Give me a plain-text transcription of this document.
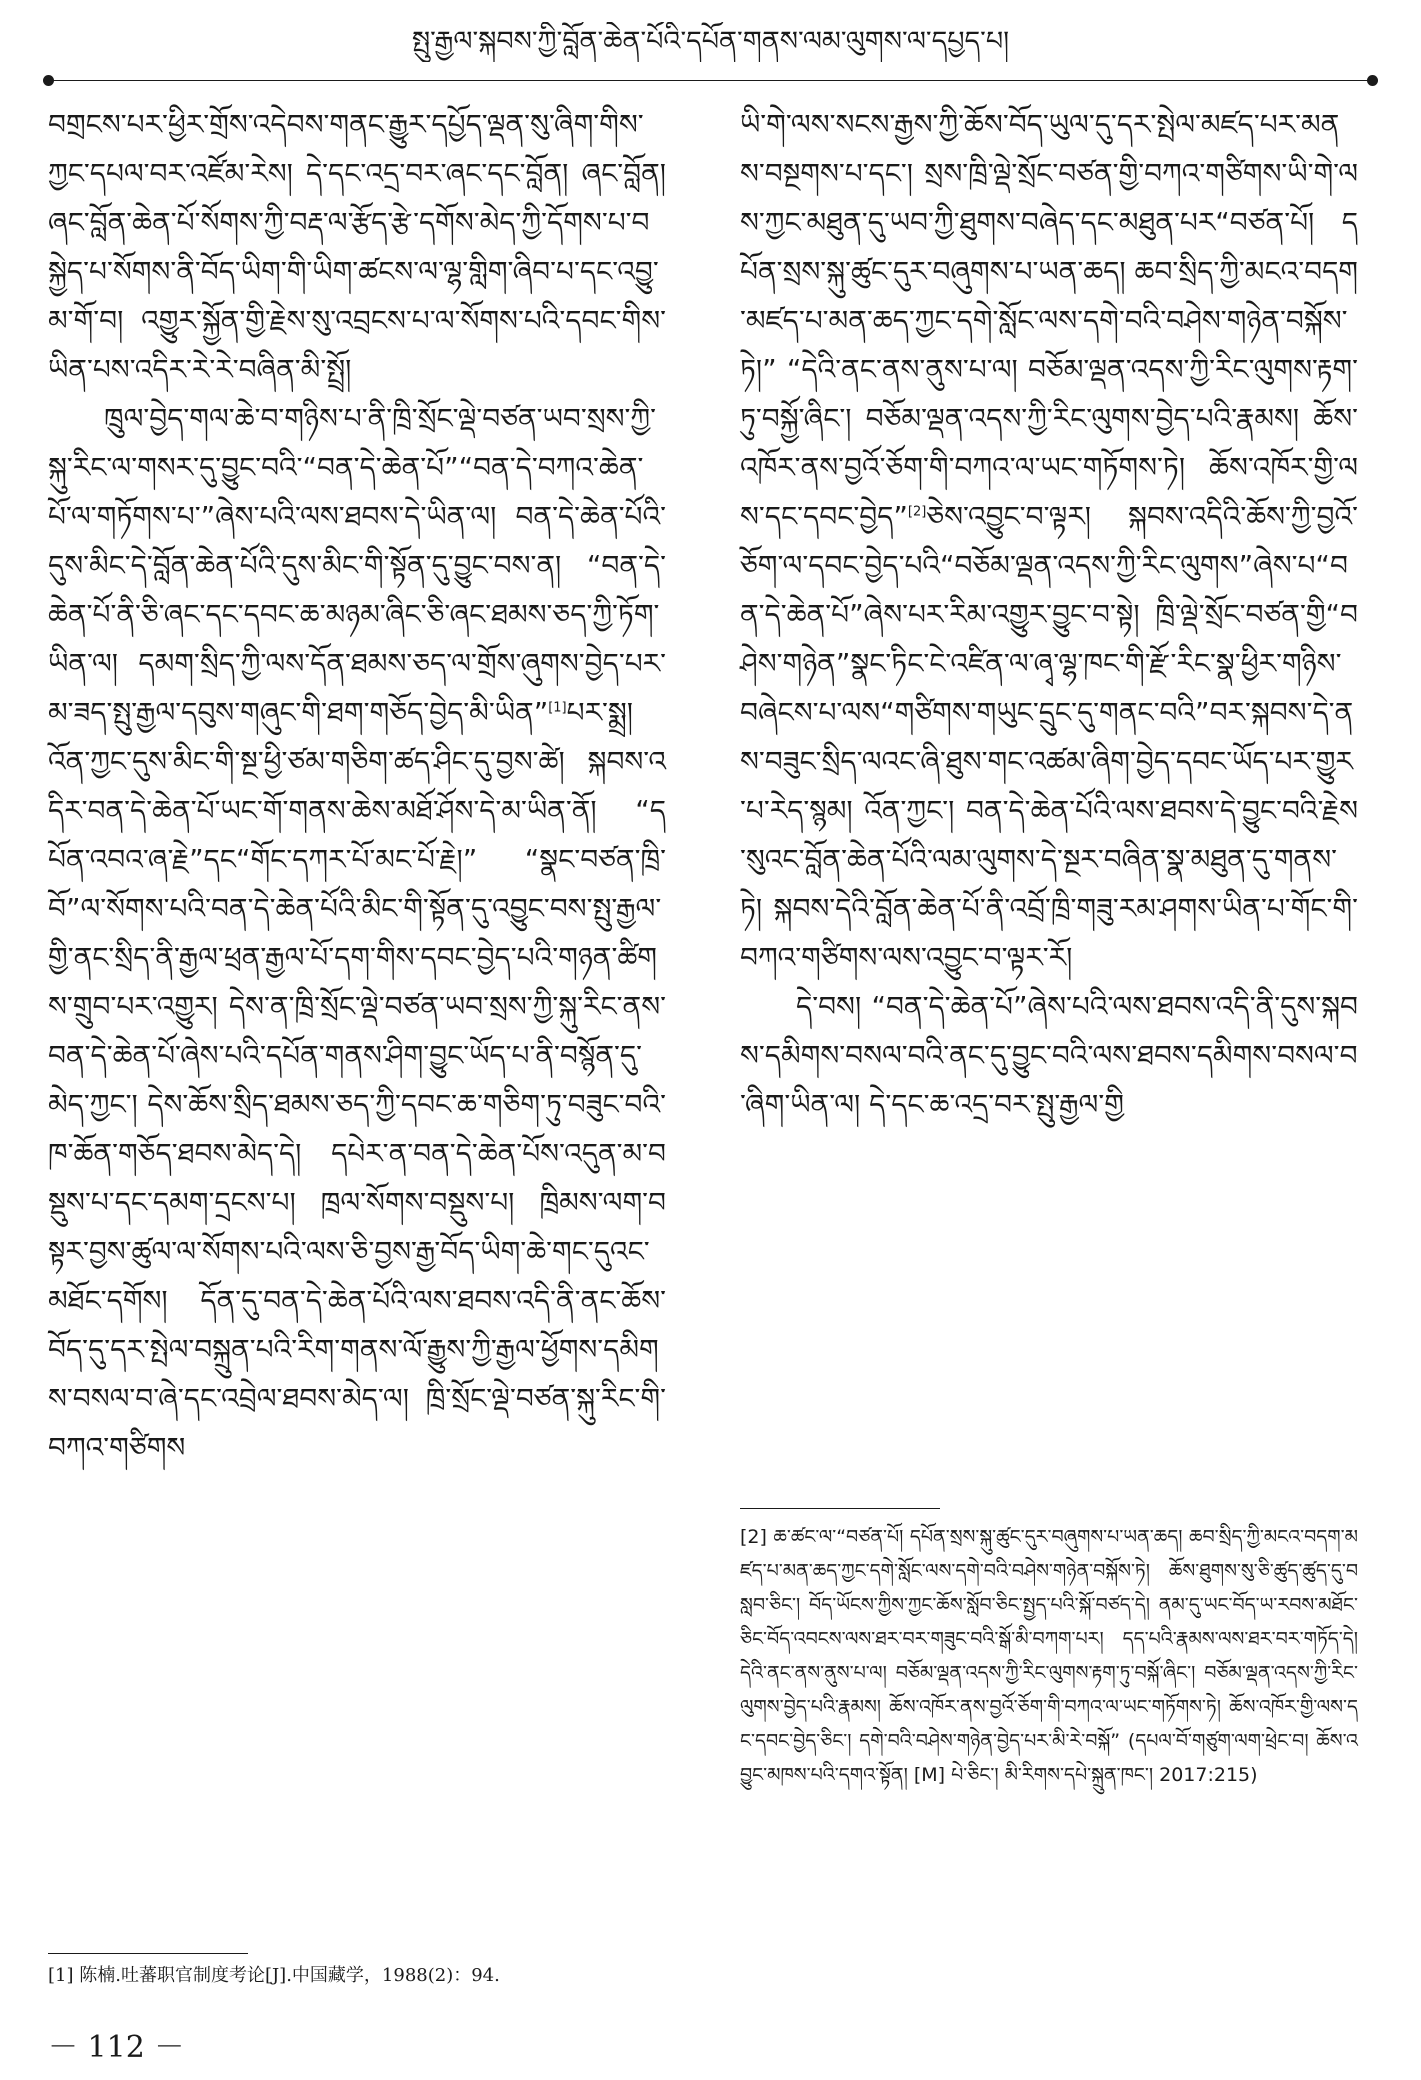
སྤུ་རྒྱལ་སྐབས་ཀྱི་བློན་ཆེན་པོའི་དཔོན་གནས་ལམ་ལུགས་ལ་དཔྱད་པ།

བགྲངས་པར་ཕྱིར་གྲོས་འདེབས་གནང་རྒྱུར་དཔྱོད་ལྡན་སུ་ཞིག་གིས་ཀྱང་དཔལ་བར་འཛོམ་རེས། དེ་དང་འདྲ་བར་ཞང་དང་བློན། ཞང་བློན། ཞང་བློན་ཆེན་པོ་སོགས་ཀྱི་བརྡ་ལ་རྩོད་རྩེ་དགོས་མེད་ཀྱི་དོགས་པ་བསྐྱེད་པ་སོགས་ནི་བོད་ཡིག་གི་ཡིག་ཚངས་ལ་ལྷ་གླིག་ཞིབ་པ་དང་འབྱུ་མ་གོ་བ། འགྱུར་སྐྱོན་གྱི་རྗེས་སུ་འབྲངས་པ་ལ་སོགས་པའི་དབང་གིས་ཡིན་པས་འདིར་རེ་རེ་བཞིན་མི་སྤྲོ།

ཁྲུལ་བྱེད་གལ་ཆེ་བ་གཉིས་པ་ནི་ཁྲི་སྲོང་ལྡེ་བཙན་ཡབ་སྲས་ཀྱི་སྐུ་རིང་ལ་གསར་དུ་བྱུང་བའི་“བན་དེ་ཆེན་པོ”“བན་དེ་བཀའ་ཆེན་པོ་ལ་གཏོགས་པ་”ཞེས་པའི་ལས་ཐབས་དེ་ཡིན་ལ། བན་དེ་ཆེན་པོའི་དུས་མིང་དེ་བློན་ཆེན་པོའི་དུས་མིང་གི་སྟོན་དུ་བྱུང་བས་ན། “བན་དེ་ཆེན་པོ་ནི་ཅི་ཞང་དང་དབང་ཆ་མཉམ་ཞིང་ཅི་ཞང་ཐམས་ཅད་ཀྱི་ཏོག་ཡིན་ལ། དམག་སྲིད་ཀྱི་ལས་དོན་ཐམས་ཅད་ལ་གྲོས་ཞུགས་བྱེད་པར་མ་ཟད་སྤུ་རྒྱལ་དབུས་གཞུང་གི་ཐག་གཅོད་བྱེད་མི་ཡིན”[1]པར་སྨྲ། འོན་ཀྱང་དུས་མིང་གི་སྔ་ཕྱི་ཙམ་གཅིག་ཚད་ཤིང་དུ་བྱས་ཚེ། སྐབས་འདིར་བན་དེ་ཆེན་པོ་ཡང་གོ་གནས་ཆེས་མཐོ་ཤོས་དེ་མ་ཡིན་ནོ། “དཔོན་འབའ་ཞ་རྗེ”དང“གོང་དཀར་པོ་མང་པོ་རྗེ།” “སྣང་བཙན་ཁྲི་བོ”ལ་སོགས་པའི་བན་དེ་ཆེན་པོའི་མིང་གི་སྟོན་དུ་འབྱུང་བས་སྤུ་རྒྱལ་གྱི་ནང་སྲིད་ནི་རྒྱལ་ཕྲན་རྒྱལ་པོ་དག་གིས་དབང་བྱེད་པའི་གཉན་ཚིགས་གྲུབ་པར་འགྱུར། དེས་ན་ཁྲི་སྲོང་ལྡེ་བཙན་ཡབ་སྲས་ཀྱི་སྐུ་རིང་ནས་བན་དེ་ཆེན་པོ་ཞེས་པའི་དཔོན་གནས་ཤིག་བྱུང་ཡོད་པ་ནི་བསྙོན་དུ་མེད་ཀྱང་། དེས་ཆོས་སྲིད་ཐམས་ཅད་ཀྱི་དབང་ཆ་གཅིག་ཏུ་བཟུང་བའི་ཁ་ཆོན་གཅོད་ཐབས་མེད་དེ། དཔེར་ན་བན་དེ་ཆེན་པོས་འདུན་མ་བསྡུས་པ་དང་དམག་དྲངས་པ། ཁྲལ་སོགས་བསྡུས་པ། ཁྲིམས་ལག་བསྟར་བྱས་ཚུལ་ལ་སོགས་པའི་ལས་ཅི་བྱས་རྒྱ་བོད་ཡིག་ཆེ་གང་དུའང་མཐོང་དགོས། དོན་དུ་བན་དེ་ཆེན་པོའི་ལས་ཐབས་འདི་ནི་ནང་ཆོས་བོད་དུ་དར་སྤེལ་བསྐྲུན་པའི་རིག་གནས་ལོ་རྒྱུས་ཀྱི་རྒྱལ་ཕྱོགས་དམིགས་བསལ་བ་ཞེ་དང་འབྲེལ་ཐབས་མེད་ལ། ཁྲི་སྲོང་ལྡེ་བཙན་སྐུ་རིང་གི་བཀའ་གཙིགས

ཡི་གེ་ལས་སངས་རྒྱས་ཀྱི་ཆོས་བོད་ཡུལ་དུ་དར་སྤེལ་མཛད་པར་མནས་བསྔགས་པ་དང་། སྲས་ཁྲི་ལྡེ་སྲོང་བཙན་གྱི་བཀའ་གཙིགས་ཡི་གེ་ལས་ཀྱང་མཐུན་དུ་ཡབ་ཀྱི་ཐུགས་བཞེད་དང་མཐུན་པར“བཙན་པོ། དཔོན་སྲས་སྐུ་ཚུང་དུར་བཞུགས་པ་ཡན་ཆད། ཆབ་སྲིད་ཀྱི་མངའ་བདག་མཛད་པ་མན་ཆད་ཀྱང་དགེ་སློང་ལས་དགེ་བའི་བཤེས་གཉེན་བསྐོས་ཏེ།” “དེའི་ནང་ནས་ནུས་པ་ལ། བཅོམ་ལྡན་འདས་ཀྱི་རིང་ལུགས་རྟག་ཏུ་བསྐྱོ་ཞིང་། བཅོམ་ལྡན་འདས་ཀྱི་རིང་ལུགས་བྱེད་པའི་རྣམས། ཆོས་འཁོར་ནས་བྱའོ་ཅོག་གི་བཀའ་ལ་ཡང་གཏོགས་ཏེ། ཆོས་འཁོར་གྱི་ལས་དང་དབང་བྱེད”[2]ཅེས་འབྱུང་བ་ལྟར། སྐབས་འདིའི་ཆོས་ཀྱི་བྱའོ་ཅོག་ལ་དབང་བྱེད་པའི“བཅོམ་ལྡན་འདས་ཀྱི་རིང་ལུགས”ཞེས་པ“བན་དེ་ཆེན་པོ”ཞེས་པར་རིམ་འགྱུར་བྱུང་བ་སྟེ། ཁྲི་ལྡེ་སྲོང་བཙན་གྱི“བཤེས་གཉེན”སྣང་ཏིང་ངེ་འཛིན་ལ་ཞྭ་ལྷ་ཁང་གི་རྫོ་རིང་སྣ་ཕྱིར་གཉིས་བཞེངས་པ་ལས“གཙིགས་གཡུང་དྲུང་དུ་གནང་བའི”བར་སྐབས་དེ་ནས་བཟུང་སྲིད་ལའང་ཞི་ཐུས་གང་འཚམ་ཞིག་བྱེད་དབང་ཡོད་པར་གྱུར་པ་རེད་སྙམ། འོན་ཀྱང་། བན་དེ་ཆེན་པོའི་ལས་ཐབས་དེ་བྱུང་བའི་རྗེས་སུའང་བློན་ཆེན་པོའི་ལམ་ལུགས་དེ་སྔར་བཞིན་སྣ་མཐུན་དུ་གནས་ཏེ། སྐབས་དེའི་བློན་ཆེན་པོ་ནི་འབྲོ་ཁྲི་གཟུ་རམ་ཤགས་ཡིན་པ་གོང་གི་བཀའ་གཙིགས་ལས་འབྱུང་བ་ལྟར་རོ།

དེ་བས། “བན་དེ་ཆེན་པོ”ཞེས་པའི་ལས་ཐབས་འདི་ནི་དུས་སྐབས་དམིགས་བསལ་བའི་ནང་དུ་བྱུང་བའི་ལས་ཐབས་དམིགས་བསལ་བ་ཞིག་ཡིན་ལ། དེ་དང་ཆ་འདྲ་བར་སྤུ་རྒྱལ་གྱི

[2] ཆ་ཚང་ལ་“བཙན་པོ། དཔོན་སྲས་སྐུ་ཚུང་དུར་བཞུགས་པ་ཡན་ཆད། ཆབ་སྲིད་ཀྱི་མངའ་བདག་མཛད་པ་མན་ཆད་ཀྱང་དགེ་སློང་ལས་དགེ་བའི་བཤེས་གཉེན་བསྐོས་ཏེ། ཆོས་ཐུགས་སུ་ཅི་ཚུད་ཚུད་དུ་བསླབ་ཅིང་། བོད་ཡོངས་ཀྱིས་ཀྱང་ཆོས་སློབ་ཅིང་སྤྱད་པའི་སྐོ་བཙད་དེ། ནམ་དུ་ཡང་བོད་ཡ་རབས་མཐོང་ཅིང་བོད་འབངས་ལས་ཐར་བར་གཟུང་བའི་སྒོ་མི་བཀག་པར། དད་པའི་རྣམས་ལས་ཐར་བར་གཏོད་དེ། དེའི་ནང་ནས་ནུས་པ་ལ། བཅོམ་ལྡན་འདས་ཀྱི་རིང་ལུགས་རྟག་ཏུ་བསྐོ་ཞིང་། བཅོམ་ལྡན་འདས་ཀྱི་རིང་ལུགས་བྱེད་པའི་རྣམས། ཆོས་འཁོར་ནས་བྱའོ་ཅོག་གི་བཀའ་ལ་ཡང་གཏོགས་ཏེ། ཆོས་འཁོར་གྱི་ལས་དང་དབང་བྱེད་ཅིང་། དགེ་བའི་བཤེས་གཉེན་བྱེད་པར་མི་རེ་བསྐོ” (དཔལ་བོ་གཙུག་ལག་ཕྲེང་བ། ཆོས་འབྱུང་མཁས་པའི་དགའ་སྟོན། [M] པེ་ཅིང་། མི་རིགས་དཔེ་སྐྲུན་ཁང་། 2017:215)
[1] 陈楠.吐蕃职官制度考论[J].中国藏学，1988(2)：94.
－ 112 －
